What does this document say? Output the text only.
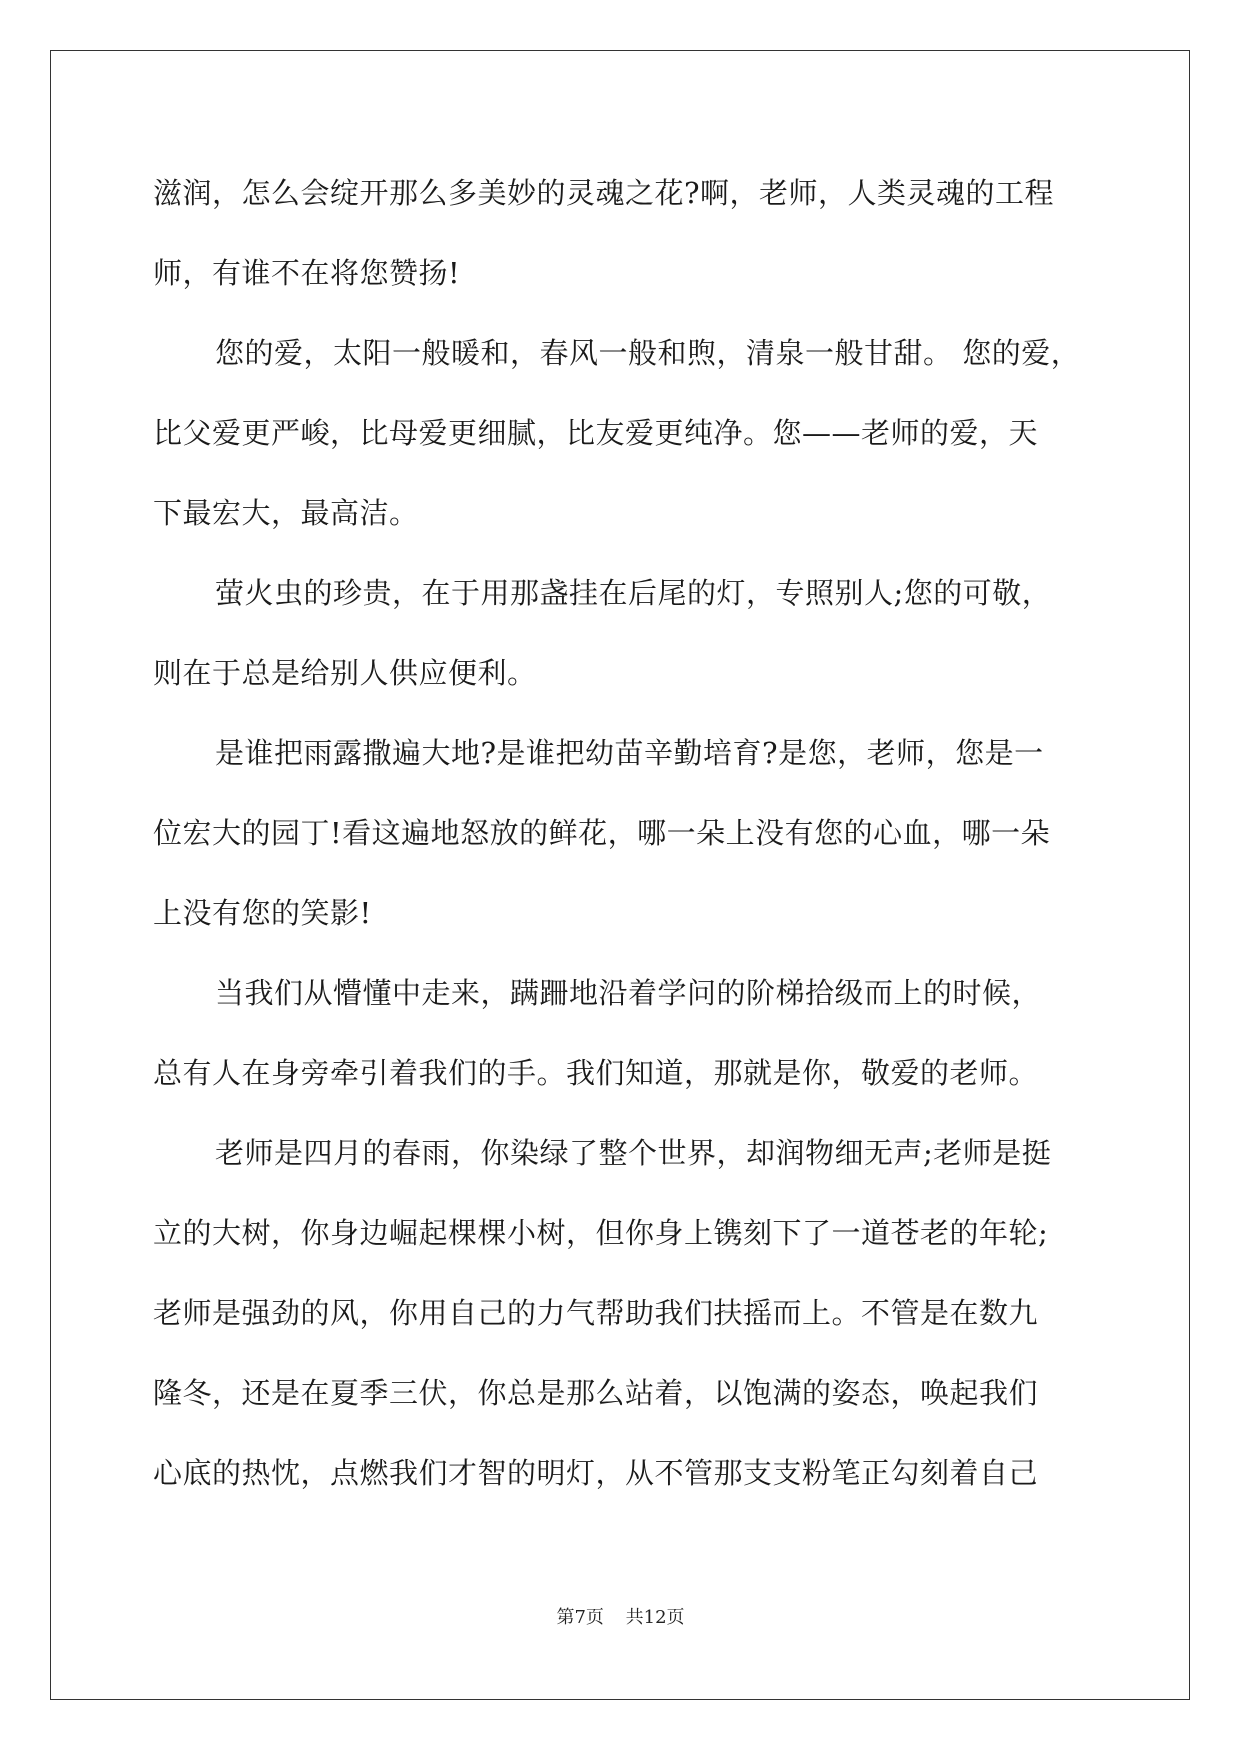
滋润，怎么会绽开那么多美妙的灵魂之花?啊，老师，人类灵魂的工程
师，有谁不在将您赞扬!
您的爱，太阳一般暖和，春风一般和煦，清泉一般甘甜。 您的爱，
比父爱更严峻，比母爱更细腻，比友爱更纯净。您——老师的爱，天
下最宏大，最高洁。
萤火虫的珍贵，在于用那盏挂在后尾的灯，专照别人;您的可敬，
则在于总是给别人供应便利。
是谁把雨露撒遍大地?是谁把幼苗辛勤培育?是您，老师，您是一
位宏大的园丁!看这遍地怒放的鲜花，哪一朵上没有您的心血，哪一朵
上没有您的笑影!
当我们从懵懂中走来，蹒跚地沿着学问的阶梯拾级而上的时候，
总有人在身旁牵引着我们的手。我们知道，那就是你，敬爱的老师。
老师是四月的春雨，你染绿了整个世界，却润物细无声;老师是挺
立的大树，你身边崛起棵棵小树，但你身上镌刻下了一道苍老的年轮;
老师是强劲的风，你用自己的力气帮助我们扶摇而上。不管是在数九
隆冬，还是在夏季三伏，你总是那么站着，以饱满的姿态，唤起我们
心底的热忱，点燃我们才智的明灯，从不管那支支粉笔正勾刻着自己
第7页 共12页
